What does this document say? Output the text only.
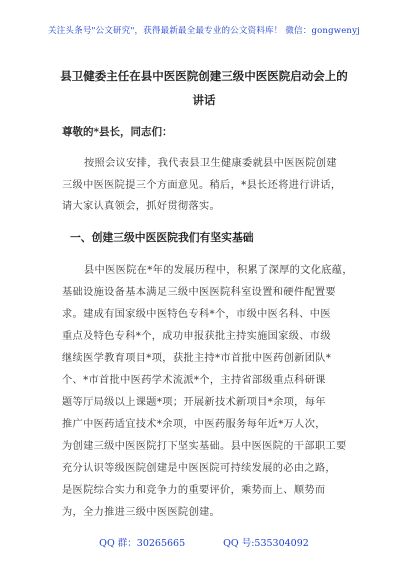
关注头条号"公文研究"，获得最新最全最专业的公文资料库！ 微信：gongwenyj
县卫健委主任在县中医医院创建三级中医医院启动会上的
讲话
尊敬的*县长，同志们：
按照会议安排，我代表县卫生健康委就县中医医院创建
三级中医医院提三个方面意见。稍后，*县长还将进行讲话，
请大家认真领会，抓好贯彻落实。
一、创建三级中医医院我们有坚实基础
县中医医院在*年的发展历程中，积累了深厚的文化底蕴，
基础设施设备基本满足三级中医医院科室设置和硬件配置要
求。建成有国家级中医特色专科*个，市级中医名科、中医
重点及特色专科*个，成功申报获批主持实施国家级、市级
继续医学教育项目*项，获批主持*市首批中医药创新团队*
个、*市首批中医药学术流派*个，主持省部级重点科研课
题等厅局级以上课题*项；开展新技术新项目*余项，每年
推广中医药适宜技术*余项，中医药服务每年近*万人次，
为创建三级中医医院打下坚实基础。县中医医院的干部职工要
充分认识等级医院创建是中医医院可持续发展的必由之路，
是医院综合实力和竞争力的重要评价，乘势而上、顺势而
为，全力推进三级中医医院创建。
QQ 群：30265665	QQ 号:535304092
